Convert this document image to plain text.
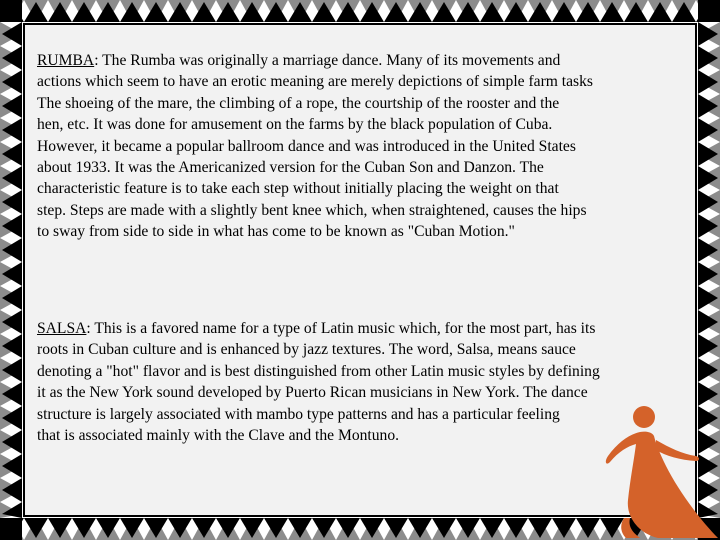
RUMBA: The Rumba was originally a marriage dance. Many of its movements and
actions which seem to have an erotic meaning are merely depictions of simple farm tasks
The shoeing of the mare, the climbing of a rope, the courtship of the rooster and the
hen, etc. It was done for amusement on the farms by the black population of Cuba.
However, it became a popular ballroom dance and was introduced in the United States
about 1933. It was the Americanized version for the Cuban Son and Danzon. The
characteristic feature is to take each step without initially placing the weight on that
step. Steps are made with a slightly bent knee which, when straightened, causes the hips
to sway from side to side in what has come to be known as "Cuban Motion."

SALSA: This is a favored name for a type of Latin music which, for the most part, has its
roots in Cuban culture and is enhanced by jazz textures. The word, Salsa, means sauce
denoting a "hot" flavor and is best distinguished from other Latin music styles by defining
it as the New York sound developed by Puerto Rican musicians in New York. The dance
structure is largely associated with mambo type patterns and has a particular feeling
that is associated mainly with the Clave and the Montuno.
